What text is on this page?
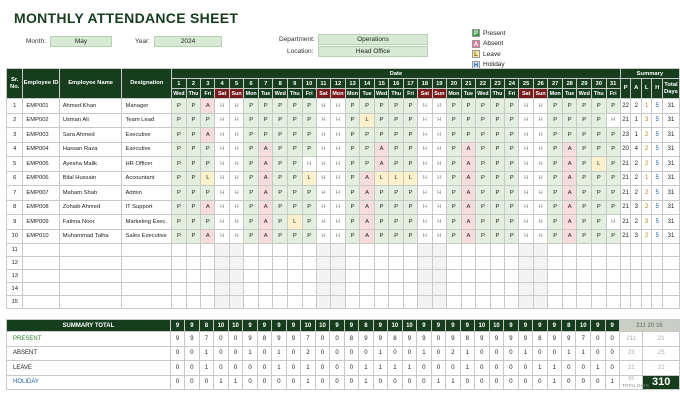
MONTHLY ATTENDANCE SHEET
Month:	May	Year:	2024	Department:	Operations
Location:	Head Office
P Present
A Absent
L Leave
H Holiday
Sr. No.	Employee ID	Employee Name	Designation	Date																															Summary				
				1	2	3	4	5	6	7	8	9	10	11	12	13	14	15	16	17	18	19	20	21	22	23	24	25	26	27	28	29	30	31	P	A	L	H	Total Days
				Wed	Thu	Fri	Sat	Sun	Mon	Tue	Wed	Thu	Fri	Sat	Mon	Mon	Tue	Wed	Thu	Fri	Sat	Sun	Mon	Tue	Wed	Thu	Fri	Sat	Sun	Mon	Tue	Wed	Thu	Fri					
1	EMP001	Ahmed Khan	Manager	P	P	A	H	H	P	P	P	P	P	H	H	P	P	P	P	P	H	H	P	P	P	P	P	H	H	P	P	P	P	P	22	2	1	5	31
2	EMP002	Usman Ali	Team Lead	P	P	P	H	H	P	P	P	P	P	H	H	P	L	P	P	P	H	H	P	P	P	P	P	H	H	P	P	P	P	H	21	1	3	5	31
3	EMP003	Sara Ahmed	Executive	P	P	A	H	H	P	P	P	P	P	H	H	P	P	P	P	P	H	H	P	P	P	P	P	H	H	P	P	P	P	P	23	1	2	5	31
4	EMP004	Hassan Raza	Executive	P	P	P	H	H	P	A	P	P	P	H	H	P	P	A	P	P	H	H	P	A	P	P	P	H	H	P	A	P	P	P	20	4	2	5	31
5	EMP005	Ayesha Malik	HR Officer	P	P	P	H	H	P	A	P	P	H	H	H	P	P	A	P	P	H	H	P	A	P	P	P	H	H	P	A	P	L	P	21	2	2	5	31
6	EMP006	Bilal Hussain	Accountant	P	P	L	H	H	P	A	P	P	L	H	H	P	A	L	L	L	H	H	P	A	P	P	P	H	H	P	A	P	P	P	21	2	1	5	31
7	EMP007	Maham Shah	Admin	P	P	P	H	H	P	A	P	P	P	H	H	P	A	P	P	P	H	H	P	A	P	P	P	H	H	P	A	P	P	P	21	2	2	5	31
8	EMP008	Zohaib Ahmed	IT Support	P	P	A	H	H	P	A	P	P	P	H	H	P	A	P	P	P	H	H	P	A	P	P	P	H	H	P	A	P	P	P	21	3	2	5	31
9	EMP009	Fatima Noor	Marketing Exec.	P	P	P	H	H	P	A	P	L	P	H	H	P	A	P	P	P	H	H	P	A	P	P	P	H	H	P	A	P	P	H	21	2	3	5	31
10	EMP010	Muhammad Talha	Sales Executive	P	P	A	H	H	P	A	P	P	P	H	H	P	A	P	P	P	H	H	P	A	P	P	P	H	H	P	A	P	P	P	21	3	2	5	31
11																																							
12																																							
13																																							
14																																							
15																																							
SUMMARY TOTAL	9	9	8	10	10	9	9	9	9	10	10	9	9	8	9	10	10	9	9	9	9	10	10	9	9	9	9	8	10	9	9	211 20 16	
PRESENT	9	9	7	0	0	9	8	9	9	7	0	0	8	9	9	8	9	9	0	9	8	9	9	9	9	8	9	9	7	0	0	211	21
ABSENT	0	0	1	0	0	1	0	1	0	2	0	0	0	0	1	0	0	1	0	2	1	0	0	0	1	0	0	1	1	0	0	23	25
LEAVE	0	0	1	0	0	0	0	1	0	1	0	0	0	1	1	1	1	0	0	0	1	0	0	0	0	1	1	0	0	1	0	21	21
HOLIDAY	0	0	0	1	1	0	0	0	0	1	0	0	0	1	0	0	0	0	1	1	0	0	0	0	0	0	1	0	0	0	1	59
TOTAL DAYS	310
